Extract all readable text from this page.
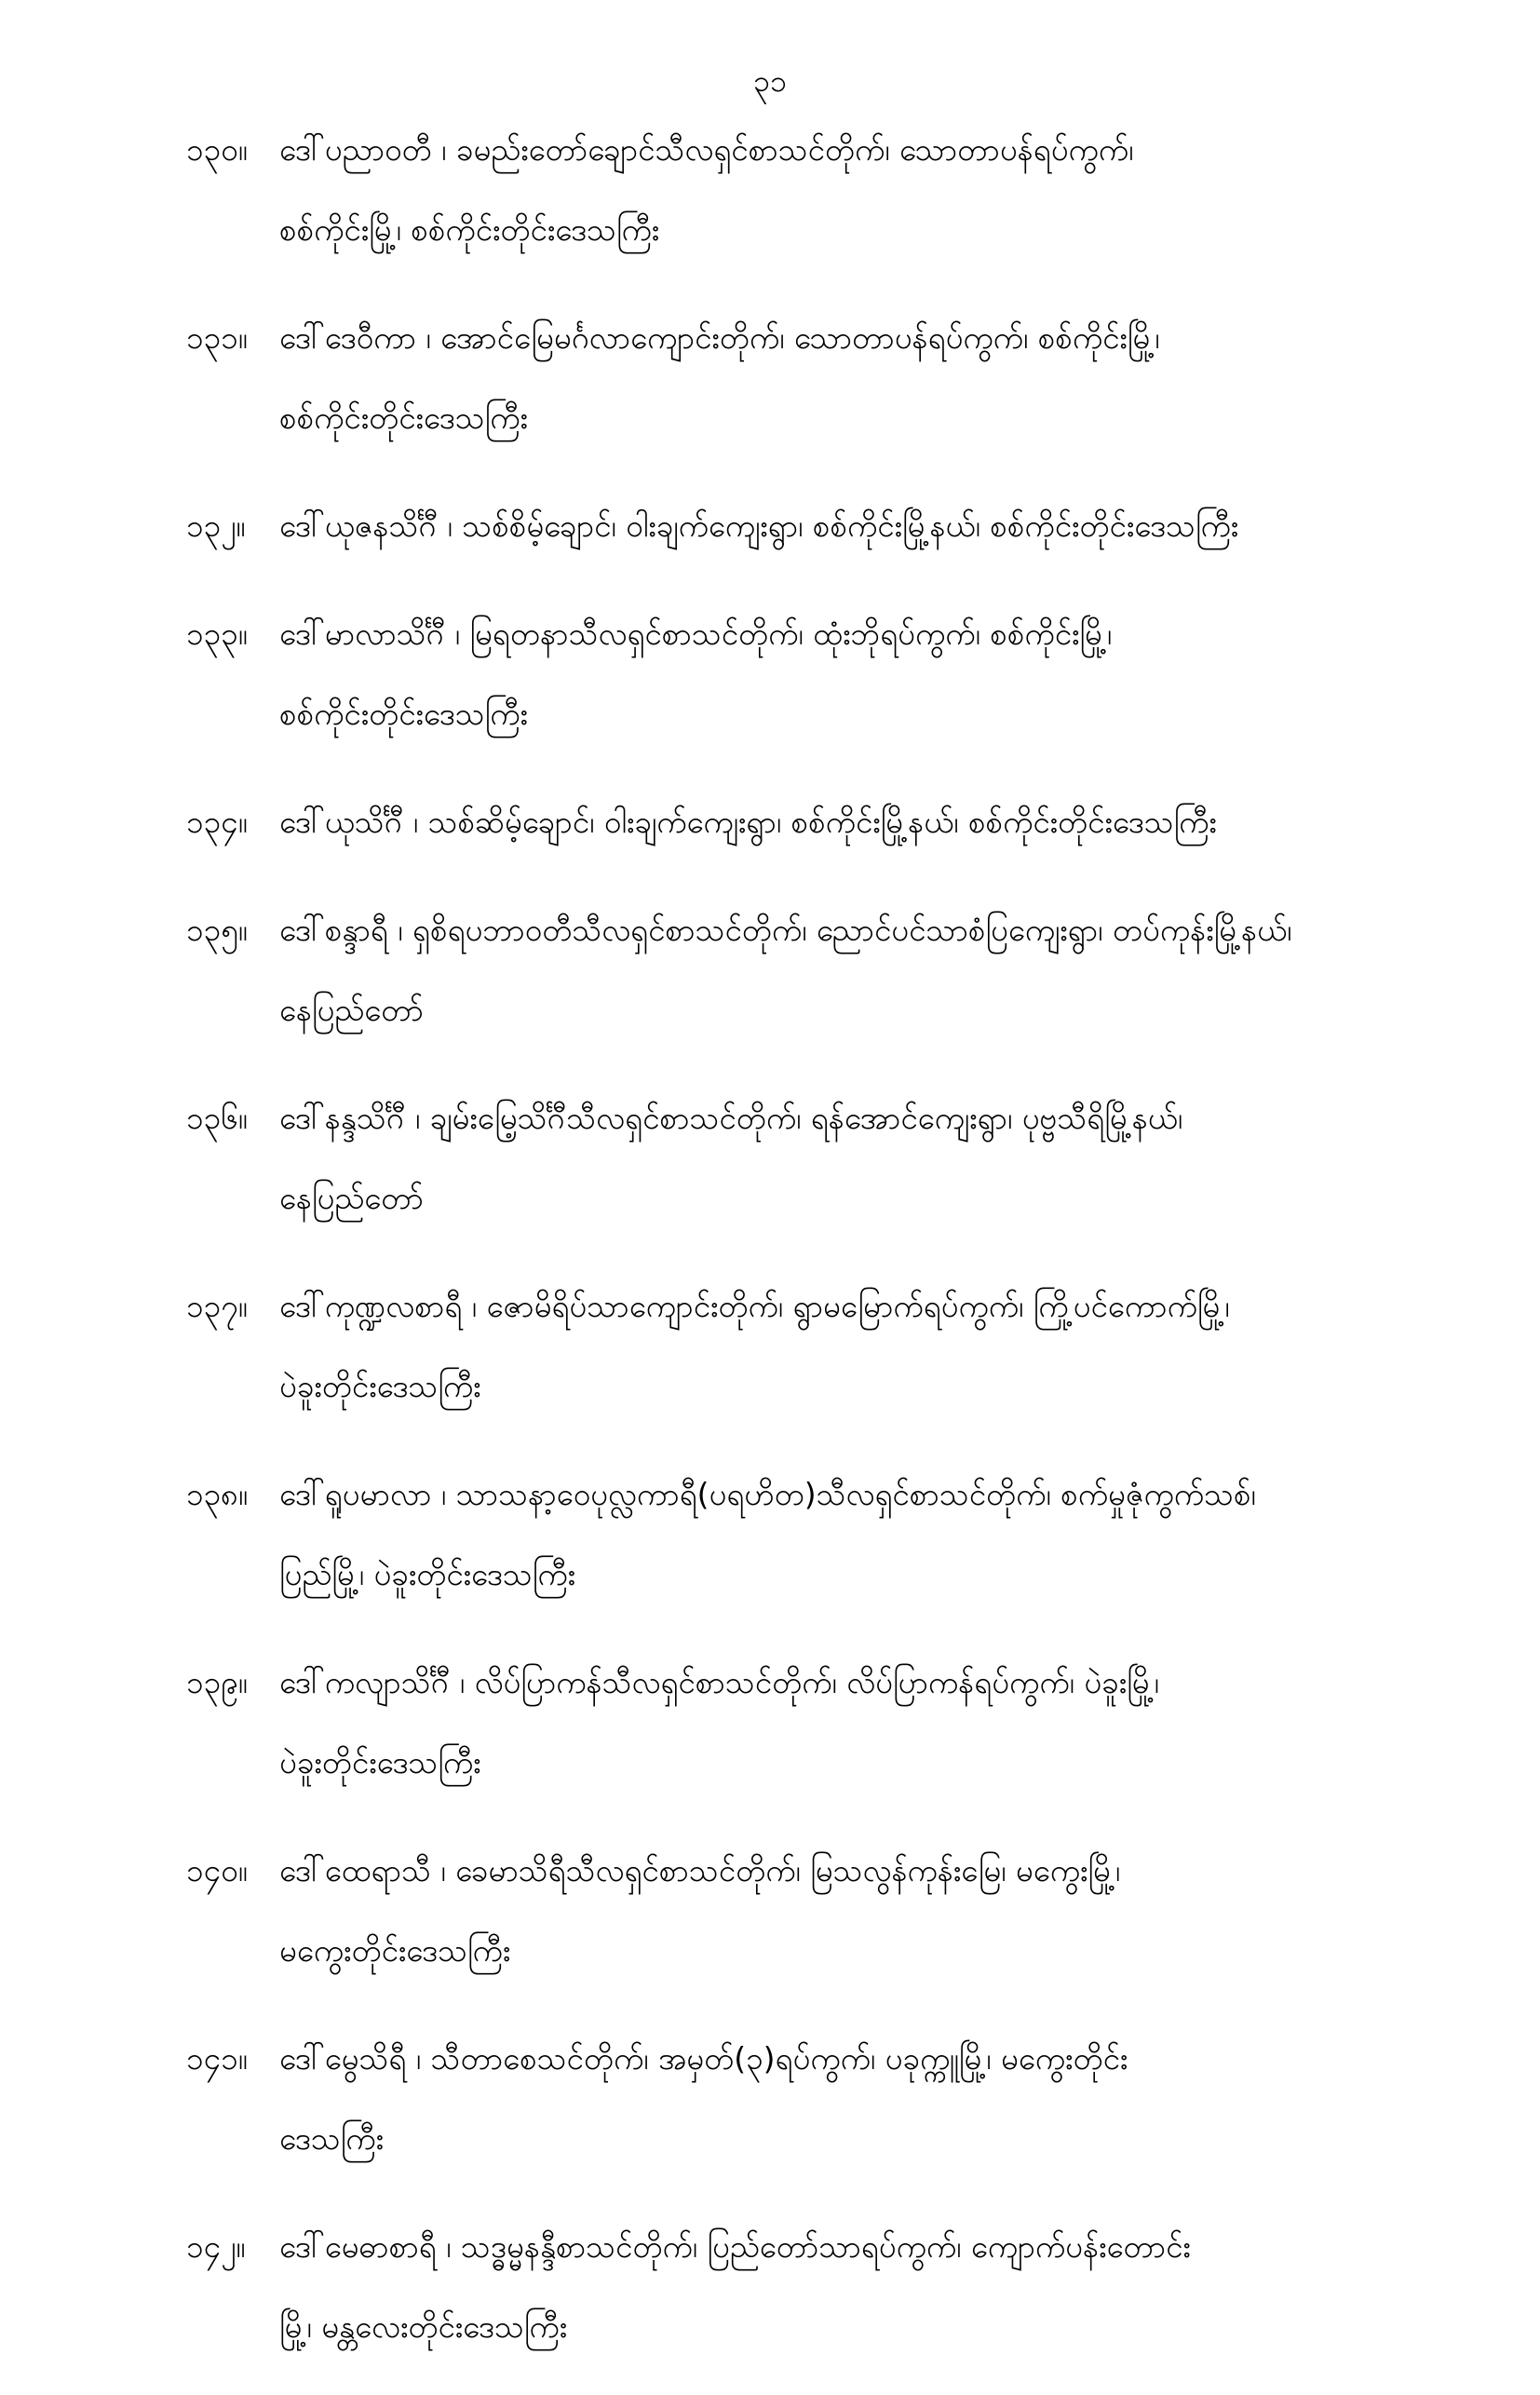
၃၁
၁၃၀။	ဒေါ်ပညာဝတီ ၊ ခမည်းတော်ချောင်သီလရှင်စာသင်တိုက်၊ သောတာပန်ရပ်ကွက်၊
စစ်ကိုင်းမြို့၊ စစ်ကိုင်းတိုင်းဒေသကြီး
၁၃၁။	ဒေါ်ဒေဝီကာ ၊ အောင်မြေမင်္ဂလာကျောင်းတိုက်၊ သောတာပန်ရပ်ကွက်၊ စစ်ကိုင်းမြို့၊
စစ်ကိုင်းတိုင်းဒေသကြီး
၁၃၂။	ဒေါ်ယုဇနသိင်္ဂီ ၊ သစ်စိမ့်ချောင်၊ ဝါးချက်ကျေးရွာ၊ စစ်ကိုင်းမြို့နယ်၊ စစ်ကိုင်းတိုင်းဒေသကြီး
၁၃၃။	ဒေါ်မာလာသိင်္ဂီ ၊ မြရတနာသီလရှင်စာသင်တိုက်၊ ထုံးဘိုရပ်ကွက်၊ စစ်ကိုင်းမြို့၊
စစ်ကိုင်းတိုင်းဒေသကြီး
၁၃၄။	ဒေါ်ယုသိင်္ဂီ ၊ သစ်ဆိမ့်ချောင်၊ ဝါးချက်ကျေးရွာ၊ စစ်ကိုင်းမြို့နယ်၊ စစ်ကိုင်းတိုင်းဒေသကြီး
၁၃၅။	ဒေါ်စန္ဒာရီ ၊ ရှစိရပဘာဝတီသီလရှင်စာသင်တိုက်၊ ညောင်ပင်သာစံပြကျေးရွာ၊ တပ်ကုန်းမြို့နယ်၊
နေပြည်တော်
၁၃၆။	ဒေါ်နန္ဒသိင်္ဂီ ၊ ချမ်းမြေ့သိင်္ဂီသီလရှင်စာသင်တိုက်၊ ရန်အောင်ကျေးရွာ၊ ပုဗ္ဗသီရိမြို့နယ်၊
နေပြည်တော်
၁၃၇။	ဒေါ်ကုဏ္ဍလစာရီ ၊ ဇောမိရိပ်သာကျောင်းတိုက်၊ ရွာမမြောက်ရပ်ကွက်၊ ကြို့ပင်ကောက်မြို့၊
ပဲခူးတိုင်းဒေသကြီး
၁၃၈။	ဒေါ်ရူပမာလာ ၊ သာသနာ့ဝေပုလ္လကာရီ(ပရဟိတ)သီလရှင်စာသင်တိုက်၊ စက်မှုဇုံကွက်သစ်၊
ပြည်မြို့၊ ပဲခူးတိုင်းဒေသကြီး
၁၃၉။	ဒေါ်ကလျာသိင်္ဂီ ၊ လိပ်ပြာကန်သီလရှင်စာသင်တိုက်၊ လိပ်ပြာကန်ရပ်ကွက်၊ ပဲခူးမြို့၊
ပဲခူးတိုင်းဒေသကြီး
၁၄၀။	ဒေါ်ထေရာသီ ၊ ခေမာသိရီသီလရှင်စာသင်တိုက်၊ မြသလွန်ကုန်းမြေ၊ မကွေးမြို့၊
မကွေးတိုင်းဒေသကြီး
၁၄၁။	ဒေါ်မွေသိရီ ၊ သီတာစေသင်တိုက်၊ အမှတ်(၃)ရပ်ကွက်၊ ပခုက္ကူမြို့၊ မကွေးတိုင်း
ဒေသကြီး
၁၄၂။	ဒေါ်မေဓာစာရီ ၊ သဒ္ဓမ္မနန္ဒီစာသင်တိုက်၊ ပြည်တော်သာရပ်ကွက်၊ ကျောက်ပန်းတောင်း
မြို့၊ မန္တလေးတိုင်းဒေသကြီး
